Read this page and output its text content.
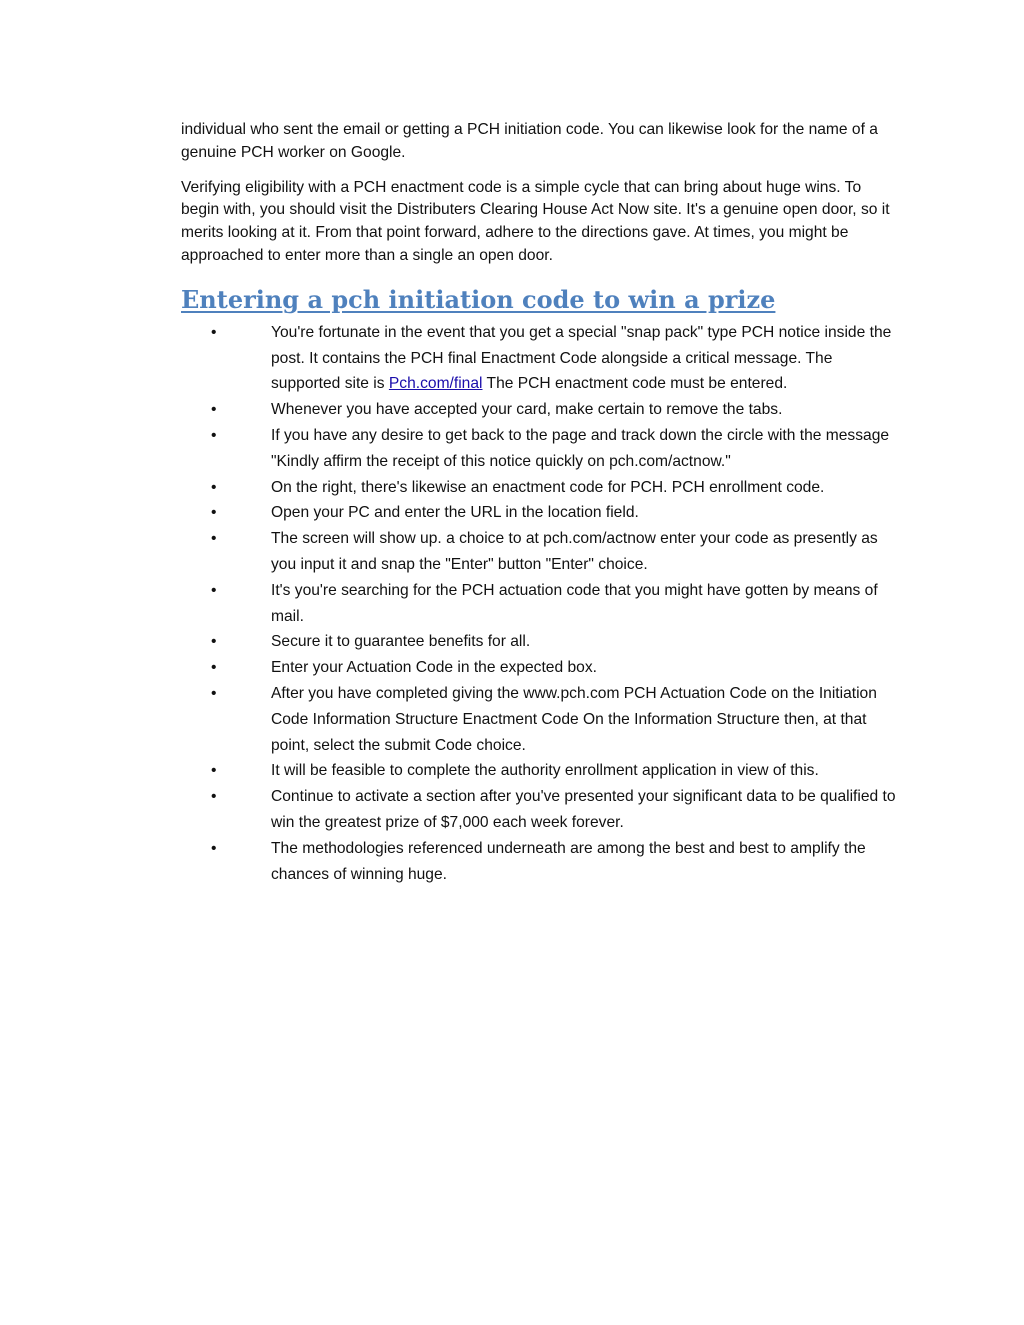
individual who sent the email or getting a PCH initiation code. You can likewise look for the name of a genuine PCH worker on Google.

Verifying eligibility with a PCH enactment code is a simple cycle that can bring about huge wins. To begin with, you should visit the Distributers Clearing House Act Now site. It's a genuine open door, so it merits looking at it. From that point forward, adhere to the directions gave. At times, you might be approached to enter more than a single an open door.

Entering a pch initiation code to win a prize
•	You're fortunate in the event that you get a special "snap pack" type PCH notice inside the post. It contains the PCH final Enactment Code alongside a critical message. The supported site is Pch.com/final The PCH enactment code must be entered.
•	Whenever you have accepted your card, make certain to remove the tabs.
•	If you have any desire to get back to the page and track down the circle with the message "Kindly affirm the receipt of this notice quickly on pch.com/actnow."
•	On the right, there's likewise an enactment code for PCH. PCH enrollment code.
•	Open your PC and enter the URL in the location field.
•	The screen will show up. a choice to at pch.com/actnow enter your code as presently as you input it and snap the "Enter" button "Enter" choice.
•	It's you're searching for the PCH actuation code that you might have gotten by means of mail.
•	Secure it to guarantee benefits for all.
•	Enter your Actuation Code in the expected box.
•	After you have completed giving the www.pch.com PCH Actuation Code on the Initiation Code Information Structure Enactment Code On the Information Structure then, at that point, select the submit Code choice.
•	It will be feasible to complete the authority enrollment application in view of this.
•	Continue to activate a section after you've presented your significant data to be qualified to win the greatest prize of $7,000 each week forever.
•	The methodologies referenced underneath are among the best and best to amplify the chances of winning huge.
